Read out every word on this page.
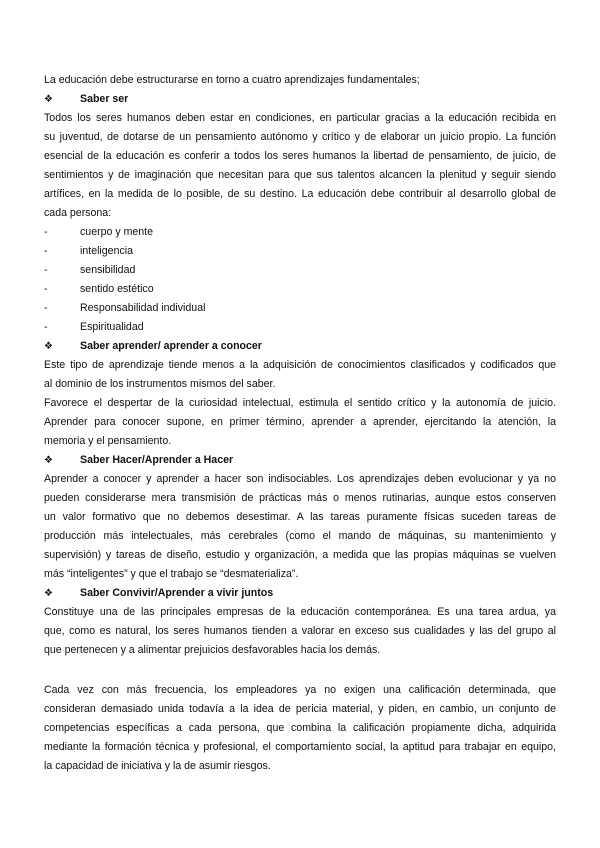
La educación debe estructurarse en torno a cuatro aprendizajes fundamentales;
❖	Saber ser
Todos los seres humanos deben estar en condiciones, en particular gracias a la educación recibida en
su juventud, de dotarse de un pensamiento autónomo y crítico y de elaborar un juicio propio. La función
esencial de la educación es conferir a todos los seres humanos la libertad de pensamiento, de juicio, de
sentimientos y de imaginación que necesitan para que sus talentos alcancen la plenitud y seguir siendo
artífices, en la medida de lo posible, de su destino. La educación debe contribuir al desarrollo global de
cada persona:
-	cuerpo y mente
-	inteligencia
-	sensibilidad
-	sentido estético
-	Responsabilidad individual
-	Espiritualidad
❖	Saber aprender/ aprender a conocer
Este tipo de aprendizaje tiende menos a la adquisición de conocimientos clasificados y codificados que
al dominio de los instrumentos mismos del saber.
Favorece el despertar de la curiosidad intelectual, estimula el sentido crítico y la autonomía de juicio.
Aprender para conocer supone, en primer término, aprender a aprender, ejercitando la atención, la
memoria y el pensamiento.
❖	Saber Hacer/Aprender a Hacer
Aprender a conocer y aprender a hacer son indisociables. Los aprendizajes deben evolucionar y ya no
pueden considerarse mera transmisión de prácticas más o menos rutinarias, aunque estos conserven
un valor formativo que no debemos desestimar. A las tareas puramente físicas suceden tareas de
producción más intelectuales, más cerebrales (como el mando de máquinas, su mantenimiento y
supervisión) y tareas de diseño, estudio y organización, a medida que las propias máquinas se vuelven
más “inteligentes” y que el trabajo se “desmaterializa”.
❖	Saber Convivir/Aprender a vivir juntos
Constituye una de las principales empresas de la educación contemporánea. Es una tarea ardua, ya
que, como es natural, los seres humanos tienden a valorar en exceso sus cualidades y las del grupo al
que pertenecen y a alimentar prejuicios desfavorables hacia los demás.
Cada vez con más frecuencia, los empleadores ya no exigen una calificación determinada, que
consideran demasiado unida todavía a la idea de pericia material, y piden, en cambio, un conjunto de
competencias específicas a cada persona, que combina la calificación propiamente dicha, adquirida
mediante la formación técnica y profesional, el comportamiento social, la aptitud para trabajar en equipo,
la capacidad de iniciativa y la de asumir riesgos.
